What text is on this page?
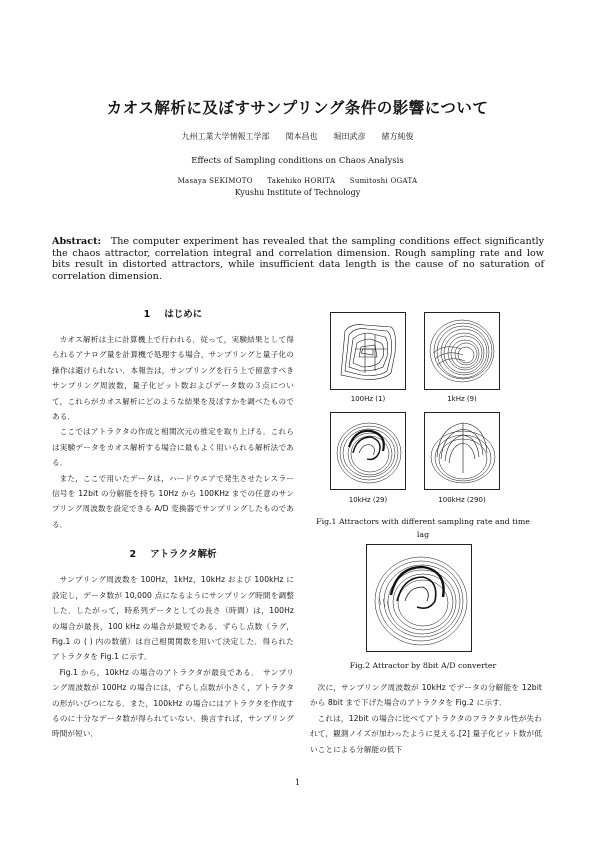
カオス解析に及ぼすサンプリング条件の影響について
九州工業大学情報工学部　　関本昌也　　堀田武彦　　緒方純俊
Effects of Sampling conditions on Chaos Analysis
Masaya SEKIMOTO　　Takehiko HORITA　　Sumitoshi OGATA
Kyushu Institute of Technology
Abstract: The computer experiment has revealed that the sampling conditions effect significantly the chaos attractor, correlation integral and correlation dimension. Rough sampling rate and low bits result in distorted attractors, while insufficient data length is the cause of no saturation of correlation dimension.
1 はじめに

カオス解析は主に計算機上で行われる．従って，実験結果として得られるアナログ量を計算機で処理する場合，サンプリングと量子化の操作は避けられない．本報告は，サンプリングを行う上で留意すべきサンプリング周波数，量子化ビット数およびデータ数の３点について，これらがカオス解析にどのような結果を及ぼすかを調べたものである．

ここではアトラクタの作成と相関次元の推定を取り上げる．これらは実験データをカオス解析する場合に最もよく用いられる解析法である．

また，ここで用いたデータは，ハードウエアで発生させたレスラー信号を 12bit の分解能を持ち 10Hz から 100KHz までの任意のサンプリング周波数を設定できる A/D 変換器でサンプリングしたものである．

2 アトラクタ解析

サンプリング周波数を 100Hz，1kHz，10kHz および 100kHz に設定し，データ数が 10,000 点になるようにサンプリング時間を調整した．したがって，時系列データとしての長さ（時間）は，100Hz の場合が最長，100 kHz の場合が最短である．ずらし点数（ラグ，Fig.1 の ( ) 内の数値）は自己相関関数を用いて決定した．得られたアトラクタを Fig.1 に示す．

Fig.1 から，10kHz の場合のアトラクタが最良である．　サンプリング周波数が 100Hz の場合には，ずらし点数が小さく，アトラクタの形がいびつになる．また，100kHz の場合にはアトラクタを作成するのに十分なデータ数が得られていない．換言すれば，サンプリング時間が短い．

100Hz (1)	1kHz (9)
10kHz (29)	100kHz (290)
Fig.1 Attractors with different sampling rate and time lag
Fig.2 Attractor by 8bit A/D converter

次に，サンプリング周波数が 10kHz でデータの分解能を 12bit から 8bit まで下げた場合のアトラクタを Fig.2 に示す．

これは，12bit の場合に比べてアトラクタのフラクタル性が失われて，観測ノイズが加わったように見える.[2] 量子化ビット数が低いことによる分解能の低下

1
